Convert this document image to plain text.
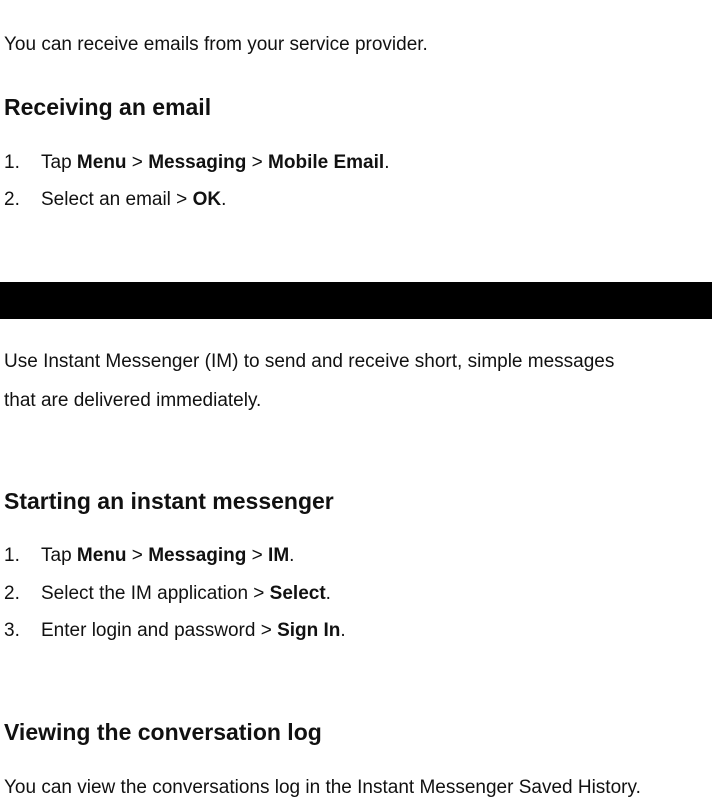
You can receive emails from your service provider.
Receiving an email
1. Tap Menu > Messaging > Mobile Email.
2. Select an email > OK.
Use Instant Messenger (IM) to send and receive short, simple messages
that are delivered immediately.
Starting an instant messenger
1. Tap Menu > Messaging > IM.
2. Select the IM application > Select.
3. Enter login and password > Sign In.
Viewing the conversation log
You can view the conversations log in the Instant Messenger Saved History.
